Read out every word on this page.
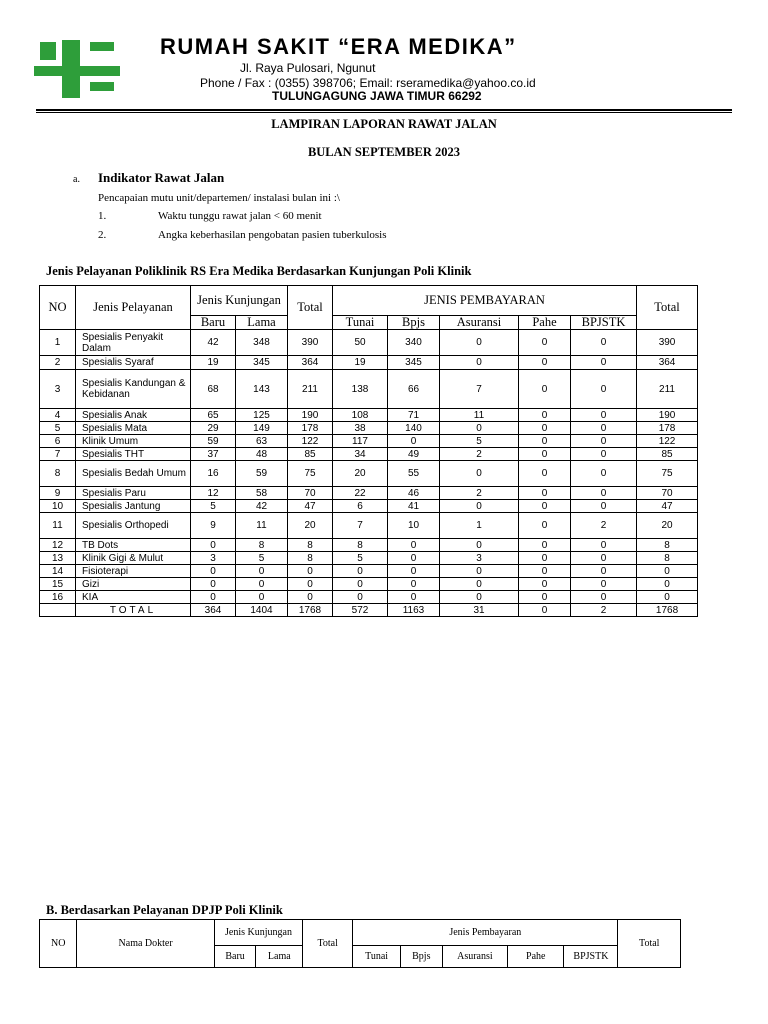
RUMAH SAKIT “ERA MEDIKA”
Jl. Raya Pulosari, Ngunut
Phone / Fax : (0355) 398706; Email: rseramedika@yahoo.co.id
TULUNGAGUNG JAWA TIMUR 66292
LAMPIRAN LAPORAN RAWAT JALAN
BULAN SEPTEMBER 2023
a. Indikator Rawat Jalan
Pencapaian mutu unit/departemen/ instalasi bulan ini :\
1.	Waktu tunggu rawat jalan < 60 menit
2.	Angka keberhasilan pengobatan pasien tuberkulosis
Jenis Pelayanan Poliklinik RS Era Medika Berdasarkan Kunjungan Poli Klinik
NO	Jenis Pelayanan	Jenis Kunjungan		Total	JENIS PEMBAYARAN					Total
		Baru	Lama		Tunai	Bpjs	Asuransi	Pahe	BPJSTK	
1	Spesialis Penyakit Dalam	42	348	390	50	340	0	0	0	390
2	Spesialis Syaraf	19	345	364	19	345	0	0	0	364
3	Spesialis Kandungan & Kebidanan	68	143	211	138	66	7	0	0	211
4	Spesialis Anak	65	125	190	108	71	11	0	0	190
5	Spesialis Mata	29	149	178	38	140	0	0	0	178
6	Klinik Umum	59	63	122	117	0	5	0	0	122
7	Spesialis THT	37	48	85	34	49	2	0	0	85
8	Spesialis Bedah Umum	16	59	75	20	55	0	0	0	75
9	Spesialis Paru	12	58	70	22	46	2	0	0	70
10	Spesialis Jantung	5	42	47	6	41	0	0	0	47
11	Spesialis Orthopedi	9	11	20	7	10	1	0	2	20
12	TB Dots	0	8	8	8	0	0	0	0	8
13	Klinik Gigi & Mulut	3	5	8	5	0	3	0	0	8
14	Fisioterapi	0	0	0	0	0	0	0	0	0
15	Gizi	0	0	0	0	0	0	0	0	0
16	KIA	0	0	0	0	0	0	0	0	0
	TOTAL	364	1404	1768	572	1163	31	0	2	1768
B. Berdasarkan Pelayanan DPJP Poli Klinik
NO	Nama Dokter	Jenis Kunjungan		Total	Jenis Pembayaran					Total
		Baru	Lama		Tunai	Bpjs	Asuransi	Pahe	BPJSTK	
